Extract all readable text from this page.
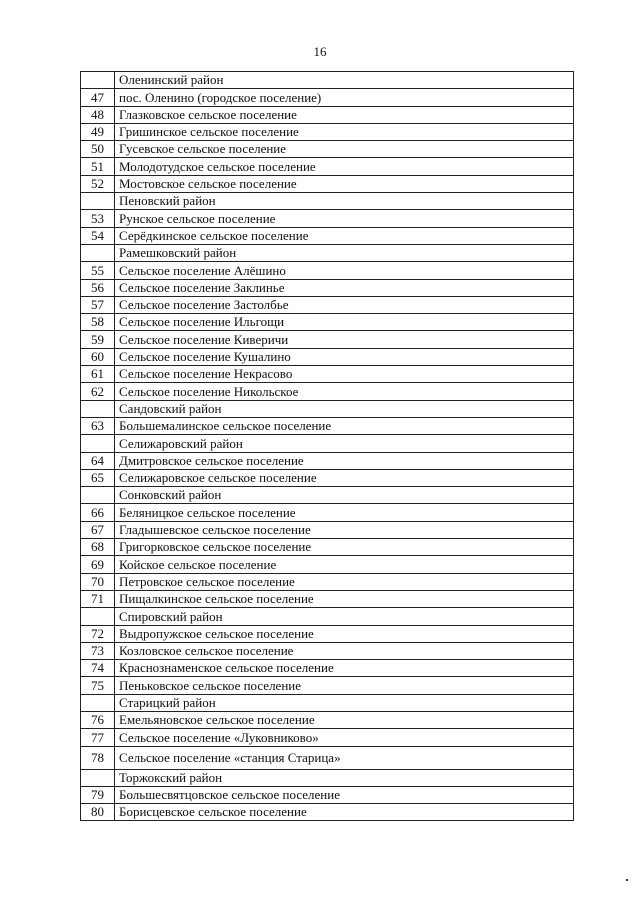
16
	Оленинский район
47	пос. Оленино (городское поселение)
48	Глазковское сельское поселение
49	Гришинское сельское поселение
50	Гусевское сельское поселение
51	Молодотудское сельское поселение
52	Мостовское сельское поселение
	Пеновский район
53	Рунское сельское поселение
54	Серёдкинское сельское поселение
	Рамешковский район
55	Сельское поселение Алёшино
56	Сельское поселение Заклинье
57	Сельское поселение Застолбье
58	Сельское поселение Ильгощи
59	Сельское поселение Киверичи
60	Сельское поселение Кушалино
61	Сельское поселение Некрасово
62	Сельское поселение Никольское
	Сандовский район
63	Большемалинское сельское поселение
	Селижаровский район
64	Дмитровское сельское поселение
65	Селижаровское сельское поселение
	Сонковский район
66	Беляницкое сельское поселение
67	Гладышевское сельское поселение
68	Григорковское сельское поселение
69	Койское сельское поселение
70	Петровское сельское поселение
71	Пищалкинское сельское поселение
	Спировский район
72	Выдропужское сельское поселение
73	Козловское сельское поселение
74	Краснознаменское сельское поселение
75	Пеньковское сельское поселение
	Старицкий район
76	Емельяновское сельское поселение
77	Сельское поселение «Луковниково»
78	Сельское поселение «станция Старица»
	Торжокский район
79	Большесвятцовское сельское поселение
80	Борисцевское сельское поселение
